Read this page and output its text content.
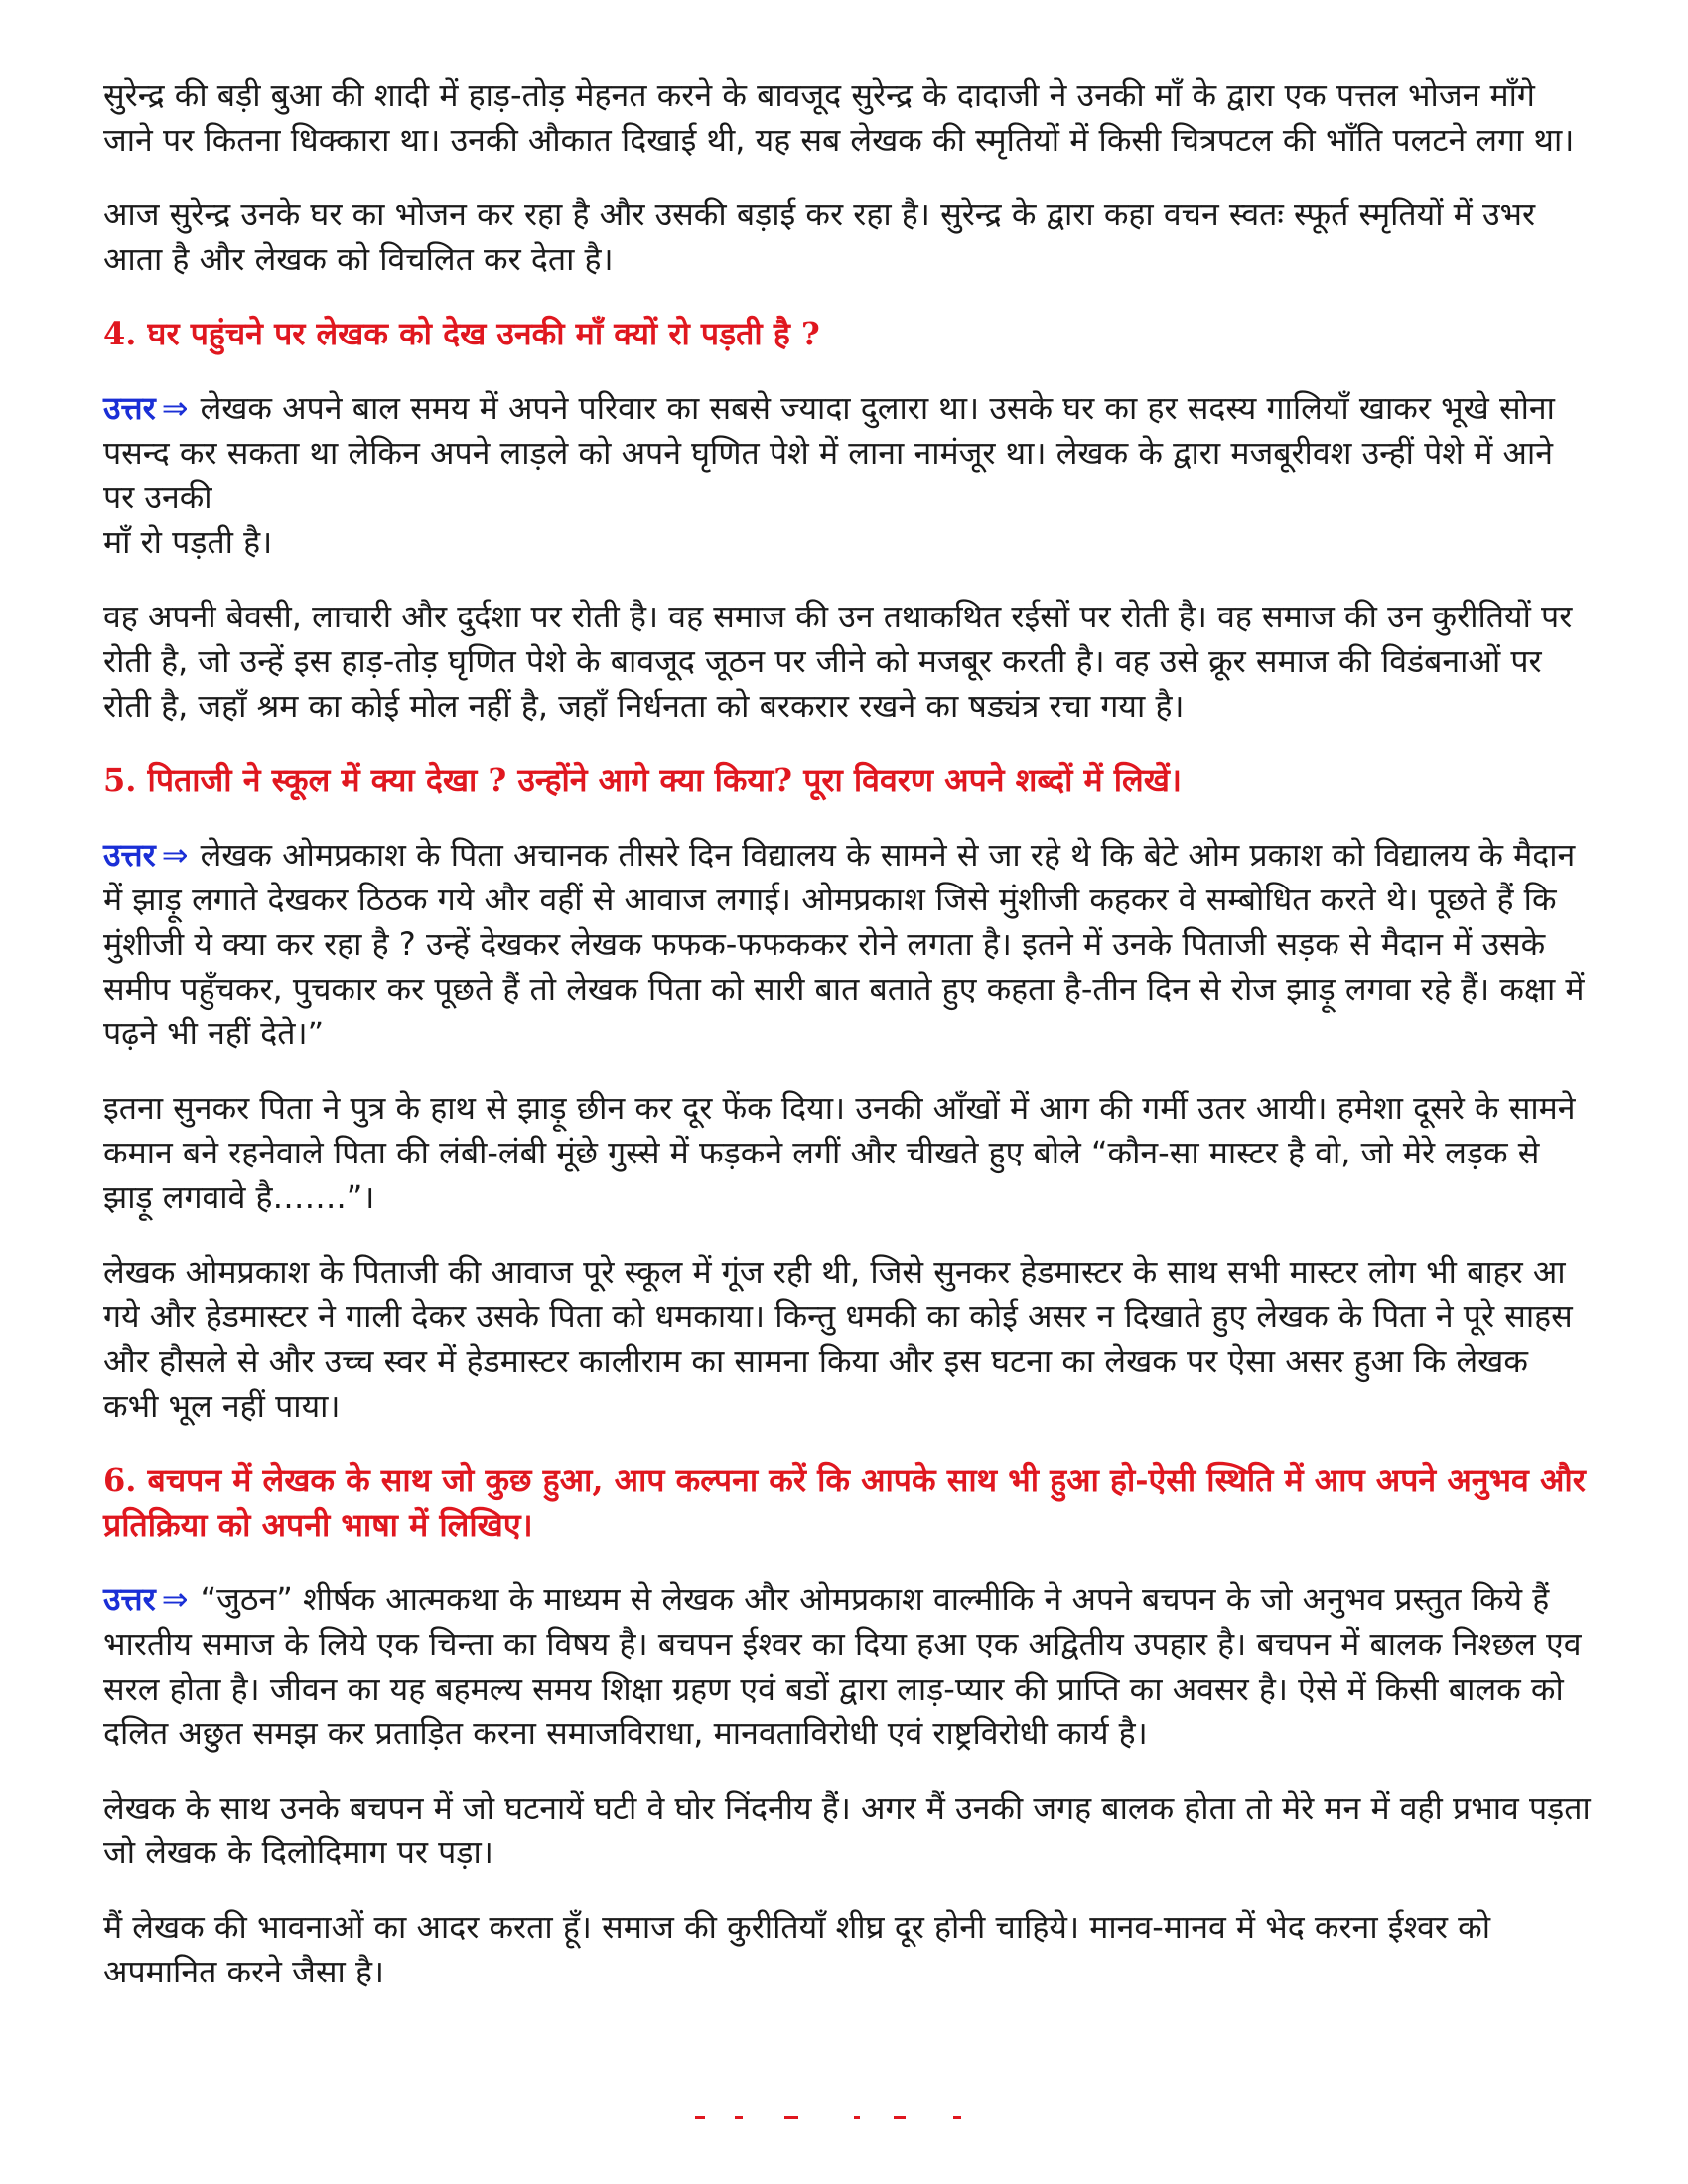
सुरेन्द्र की बड़ी बुआ की शादी में हाड़-तोड़ मेहनत करने के बावजूद सुरेन्द्र के दादाजी ने उनकी माँ के द्वारा एक पत्तल भोजन माँगे जाने पर कितना धिक्कारा था। उनकी औकात दिखाई थी, यह सब लेखक की स्मृतियों में किसी चित्रपटल की भाँति पलटने लगा था।

आज सुरेन्द्र उनके घर का भोजन कर रहा है और उसकी बड़ाई कर रहा है। सुरेन्द्र के द्वारा कहा वचन स्वतः स्फूर्त स्मृतियों में उभर आता है और लेखक को विचलित कर देता है।

4. घर पहुंचने पर लेखक को देख उनकी माँ क्यों रो पड़ती है ?

उत्तर ⇒ लेखक अपने बाल समय में अपने परिवार का सबसे ज्यादा दुलारा था। उसके घर का हर सदस्य गालियाँ खाकर भूखे सोना पसन्द कर सकता था लेकिन अपने लाड़ले को अपने घृणित पेशे में लाना नामंजूर था। लेखक के द्वारा मजबूरीवश उन्हीं पेशे में आने पर उनकी

माँ रो पड़ती है।

वह अपनी बेवसी, लाचारी और दुर्दशा पर रोती है। वह समाज की उन तथाकथित रईसों पर रोती है। वह समाज की उन कुरीतियों पर रोती है, जो उन्हें इस हाड़-तोड़ घृणित पेशे के बावजूद जूठन पर जीने को मजबूर करती है। वह उसे क्रूर समाज की विडंबनाओं पर रोती है, जहाँ श्रम का कोई मोल नहीं है, जहाँ निर्धनता को बरकरार रखने का षड्यंत्र रचा गया है।

5. पिताजी ने स्कूल में क्या देखा ? उन्होंने आगे क्या किया? पूरा विवरण अपने शब्दों में लिखें।

उत्तर ⇒ लेखक ओमप्रकाश के पिता अचानक तीसरे दिन विद्यालय के सामने से जा रहे थे कि बेटे ओम प्रकाश को विद्यालय के मैदान में झाड़ू लगाते देखकर ठिठक गये और वहीं से आवाज लगाई। ओमप्रकाश जिसे मुंशीजी कहकर वे सम्बोधित करते थे। पूछते हैं कि मुंशीजी ये क्या कर रहा है ? उन्हें देखकर लेखक फफक-फफककर रोने लगता है। इतने में उनके पिताजी सड़क से मैदान में उसके समीप पहुँचकर, पुचकार कर पूछते हैं तो लेखक पिता को सारी बात बताते हुए कहता है-तीन दिन से रोज झाड़ू लगवा रहे हैं। कक्षा में पढ़ने भी नहीं देते।”

इतना सुनकर पिता ने पुत्र के हाथ से झाड़ू छीन कर दूर फेंक दिया। उनकी आँखों में आग की गर्मी उतर आयी। हमेशा दूसरे के सामने कमान बने रहनेवाले पिता की लंबी-लंबी मूंछे गुस्से में फड़कने लगीं और चीखते हुए बोले “कौन-सा मास्टर है वो, जो मेरे लड़क से झाड़ू लगवावे है…….”।

लेखक ओमप्रकाश के पिताजी की आवाज पूरे स्कूल में गूंज रही थी, जिसे सुनकर हेडमास्टर के साथ सभी मास्टर लोग भी बाहर आ गये और हेडमास्टर ने गाली देकर उसके पिता को धमकाया। किन्तु धमकी का कोई असर न दिखाते हुए लेखक के पिता ने पूरे साहस

और हौसले से और उच्च स्वर में हेडमास्टर कालीराम का सामना किया और इस घटना का लेखक पर ऐसा असर हुआ कि लेखक कभी भूल नहीं पाया।

6. बचपन में लेखक के साथ जो कुछ हुआ, आप कल्पना करें कि आपके साथ भी हुआ हो-ऐसी स्थिति में आप अपने अनुभव और प्रतिक्रिया को अपनी भाषा में लिखिए।

उत्तर ⇒ “जुठन” शीर्षक आत्मकथा के माध्यम से लेखक और ओमप्रकाश वाल्मीकि ने अपने बचपन के जो अनुभव प्रस्तुत किये हैं भारतीय समाज के लिये एक चिन्ता का विषय है। बचपन ईश्वर का दिया हआ एक अद्वितीय उपहार है। बचपन में बालक निश्छल एव सरल होता है। जीवन का यह बहमल्य समय शिक्षा ग्रहण एवं बडों द्वारा लाड़-प्यार की प्राप्ति का अवसर है। ऐसे में किसी बालक को दलित अछुत समझ कर प्रताड़ित करना समाजविराधा, मानवताविरोधी एवं राष्ट्रविरोधी कार्य है।

लेखक के साथ उनके बचपन में जो घटनायें घटी वे घोर निंदनीय हैं। अगर मैं उनकी जगह बालक होता तो मेरे मन में वही प्रभाव पड़ता जो लेखक के दिलोदिमाग पर पड़ा।

मैं लेखक की भावनाओं का आदर करता हूँ। समाज की कुरीतियाँ शीघ्र दूर होनी चाहिये। मानव-मानव में भेद करना ईश्वर को अपमानित करने जैसा है।
